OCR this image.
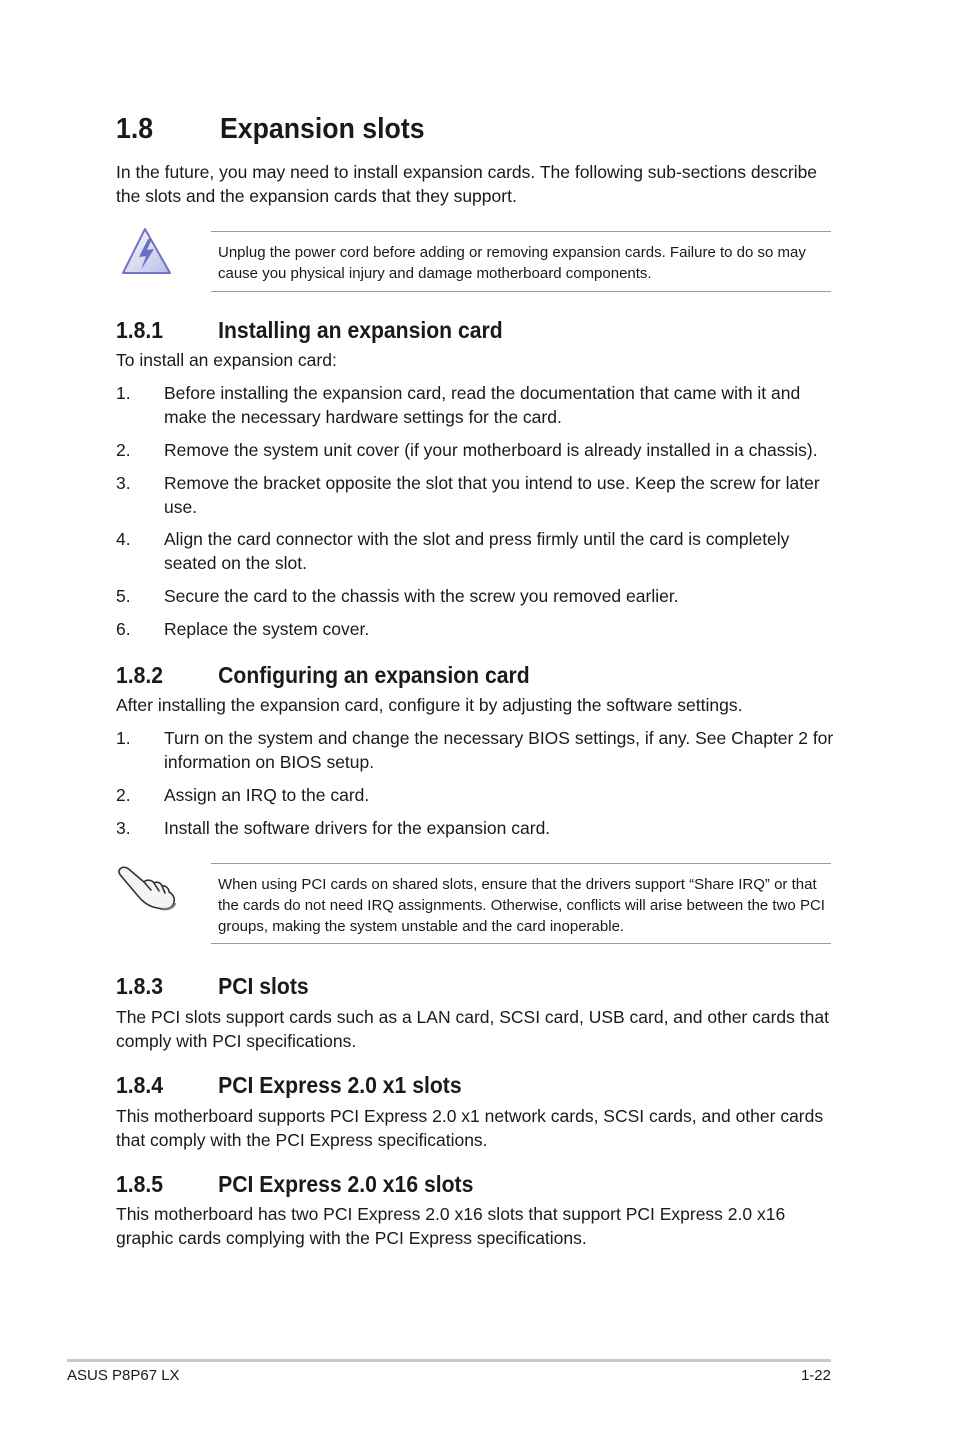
1.8 Expansion slots

In the future, you may need to install expansion cards. The following sub-sections describe the slots and the expansion cards that they support.

Unplug the power cord before adding or removing expansion cards. Failure to do so may cause you physical injury and damage motherboard components.
1.8.1 Installing an expansion card

To install an expansion card:

1. Before installing the expansion card, read the documentation that came with it and make the necessary hardware settings for the card.
2. Remove the system unit cover (if your motherboard is already installed in a chassis).
3. Remove the bracket opposite the slot that you intend to use. Keep the screw for later use.
4. Align the card connector with the slot and press firmly until the card is completely seated on the slot.
5. Secure the card to the chassis with the screw you removed earlier.
6. Replace the system cover.
1.8.2 Configuring an expansion card

After installing the expansion card, configure it by adjusting the software settings.

1. Turn on the system and change the necessary BIOS settings, if any. See Chapter 2 for information on BIOS setup.
2. Assign an IRQ to the card.
3. Install the software drivers for the expansion card.
When using PCI cards on shared slots, ensure that the drivers support “Share IRQ” or that the cards do not need IRQ assignments. Otherwise, conflicts will arise between the two PCI groups, making the system unstable and the card inoperable.
1.8.3 PCI slots

The PCI slots support cards such as a LAN card, SCSI card, USB card, and other cards that comply with PCI specifications.

1.8.4 PCI Express 2.0 x1 slots

This motherboard supports PCI Express 2.0 x1 network cards, SCSI cards, and other cards that comply with the PCI Express specifications.

1.8.5 PCI Express 2.0 x16 slots

This motherboard has two PCI Express 2.0 x16 slots that support PCI Express 2.0 x16 graphic cards complying with the PCI Express specifications.

ASUS P8P67 LX	1-22
